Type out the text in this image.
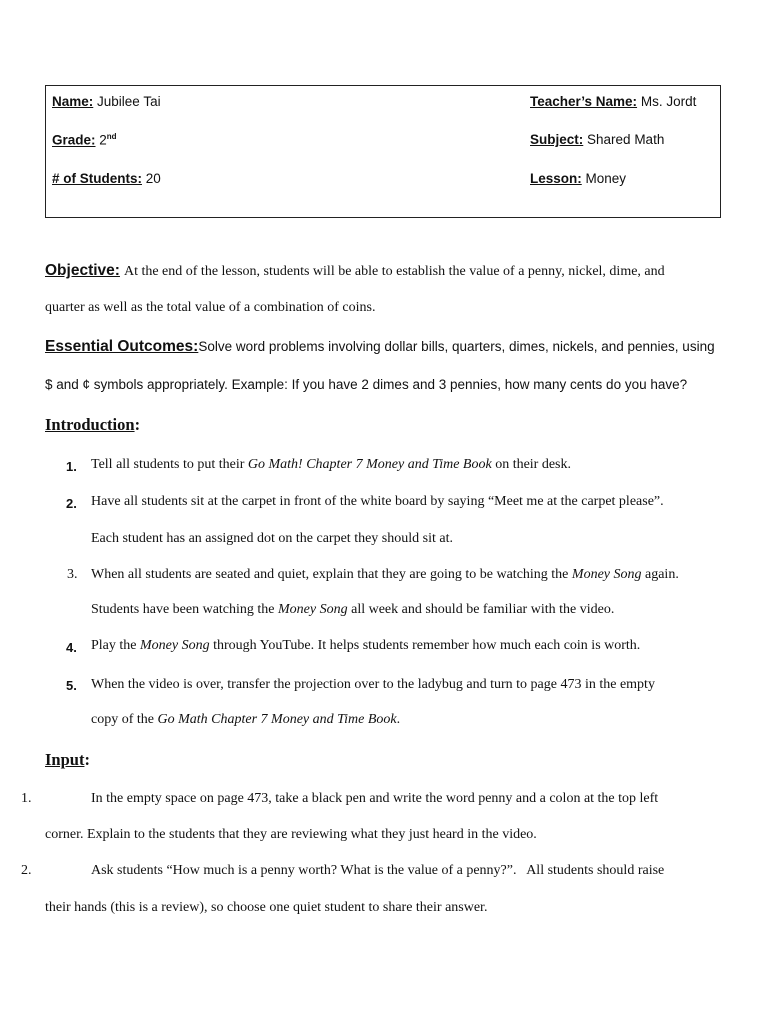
Name: Jubilee Tai
Grade: 2nd
# of Students: 20
Teacher’s Name: Ms. Jordt
Subject: Shared Math
Lesson: Money
Objective: At the end of the lesson, students will be able to establish the value of a penny, nickel, dime, and
quarter as well as the total value of a combination of coins.
Essential Outcomes:Solve word problems involving dollar bills, quarters, dimes, nickels, and pennies, using
$ and ¢ symbols appropriately. Example: If you have 2 dimes and 3 pennies, how many cents do you have?
Introduction:
1. Tell all students to put their Go Math! Chapter 7 Money and Time Book on their desk.
2. Have all students sit at the carpet in front of the white board by saying “Meet me at the carpet please”.
Each student has an assigned dot on the carpet they should sit at.
3. When all students are seated and quiet, explain that they are going to be watching the Money Song again.
Students have been watching the Money Song all week and should be familiar with the video.
4. Play the Money Song through YouTube. It helps students remember how much each coin is worth.
5. When the video is over, transfer the projection over to the ladybug and turn to page 473 in the empty
copy of the Go Math Chapter 7 Money and Time Book.
Input:
1.	In the empty space on page 473, take a black pen and write the word penny and a colon at the top left
corner. Explain to the students that they are reviewing what they just heard in the video.
2.	Ask students “How much is a penny worth? What is the value of a penny?”.   All students should raise
their hands (this is a review), so choose one quiet student to share their answer.
